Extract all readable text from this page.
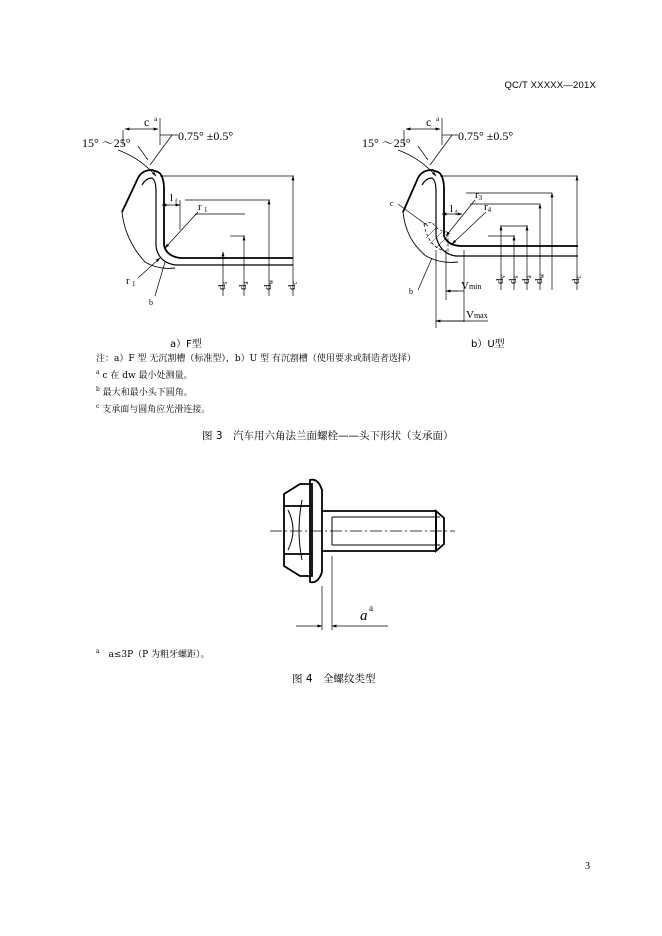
QC/T XXXXX—201X
15° ～25°
c a
0.75° ±0.5°
l f r 1
r 1
b
ds
da
dw
dc
15° ～25°
c a
0.75° ±0.5°
c	l f
r3
r4
b	Vmin
Vmax
dv
ds
da
dw
dc
a a
a）F型	b）U型
注：a）F 型 无沉割槽（标准型），b）U 型 有沉割槽（使用要求或制造者选择）
$^a$ c 在 dw 最小处测量。
$^b$ 最大和最小头下圆角。
$^c$ 支承面与圆角应光滑连接。
图 3　汽车用六角法兰面螺栓——头下形状（支承面）
$^a$ a≤3P（P 为粗牙螺距）。
图 4　全螺纹类型
3
